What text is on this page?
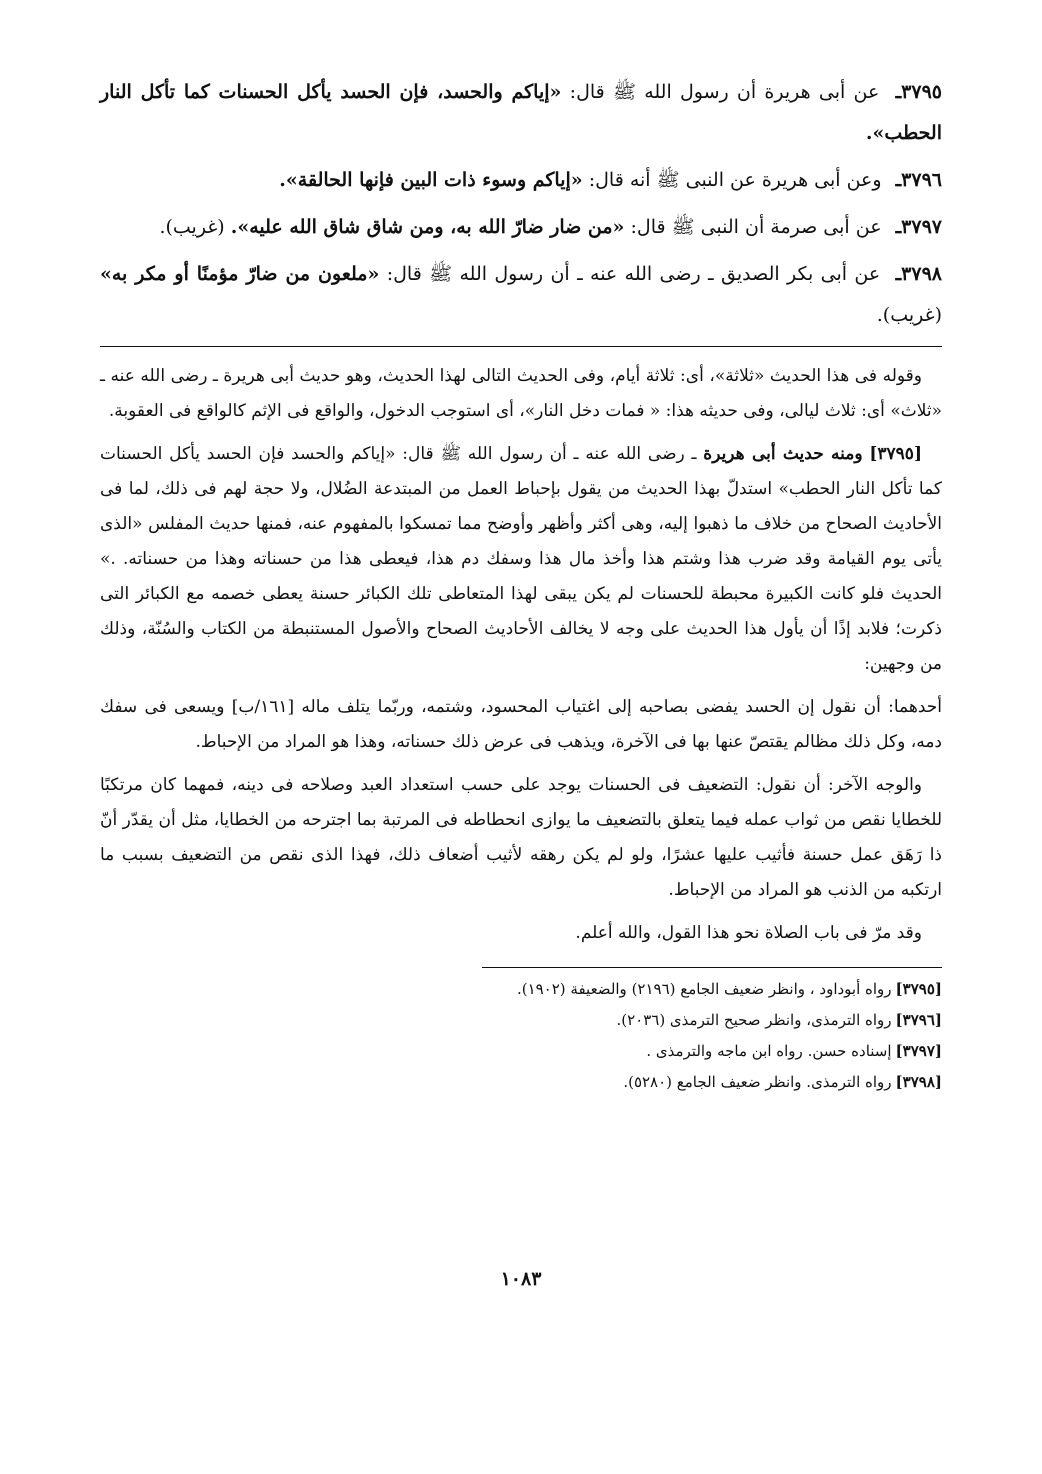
٣٧٩٥ـ عن أبى هريرة أن رسول الله ﷺ قال: «إياكم والحسد، فإن الحسد يأكل الحسنات كما تأكل النار الحطب».

٣٧٩٦ـ وعن أبى هريرة عن النبى ﷺ أنه قال: «إياكم وسوء ذات البين فإنها الحالقة».

٣٧٩٧ـ عن أبى صرمة أن النبى ﷺ قال: «من ضار ضارّ الله به، ومن شاق شاق الله عليه». (غريب).

٣٧٩٨ـ عن أبى بكر الصديق ـ رضى الله عنه ـ أن رسول الله ﷺ قال: «ملعون من ضارّ مؤمنًا أو مكر به» (غريب).

وقوله فى هذا الحديث «ثلاثة»، أى: ثلاثة أيام، وفى الحديث التالى لهذا الحديث، وهو حديث أبى هريرة ـ رضى الله عنه ـ «ثلاث» أى: ثلاث ليالى، وفى حديثه هذا: « فمات دخل النار»، أى استوجب الدخول، والواقع فى الإثم كالواقع فى العقوبة.

[٣٧٩٥] ومنه حديث أبى هريرة ـ رضى الله عنه ـ أن رسول الله ﷺ قال: «إياكم والحسد فإن الحسد يأكل الحسنات كما تأكل النار الحطب» استدلّ بهذا الحديث من يقول بإحباط العمل من المبتدعة الضُلال، ولا حجة لهم فى ذلك، لما فى الأحاديث الصحاح من خلاف ما ذهبوا إليه، وهى أكثر وأظهر وأوضح مما تمسكوا بالمفهوم عنه، فمنها حديث المفلس «الذى يأتى يوم القيامة وقد ضرب هذا وشتم هذا وأخذ مال هذا وسفك دم هذا، فيعطى هذا من حسناته وهذا من حسناته. .» الحديث فلو كانت الكبيرة محبطة للحسنات لم يكن يبقى لهذا المتعاطى تلك الكبائر حسنة يعطى خصمه مع الكبائر التى ذكرت؛ فلابد إذًا أن يأول هذا الحديث على وجه لا يخالف الأحاديث الصحاح والأصول المستنبطة من الكتاب والسُنّة، وذلك من وجهين:

أحدهما: أن نقول إن الحسد يفضى بصاحبه إلى اغتياب المحسود، وشتمه، وربّما يتلف ماله [١٦١/ب] ويسعى فى سفك دمه، وكل ذلك مظالم يقتصّ عنها بها فى الآخرة، ويذهب فى عرض ذلك حسناته، وهذا هو المراد من الإحباط.

والوجه الآخر: أن نقول: التضعيف فى الحسنات يوجد على حسب استعداد العبد وصلاحه فى دينه، فمهما كان مرتكبًا للخطايا نقص من ثواب عمله فيما يتعلق بالتضعيف ما يوازى انحطاطه فى المرتبة بما اجترحه من الخطايا، مثل أن يقدّر أنّ ذا رَهَق عمل حسنة فأثيب عليها عشرًا، ولو لم يكن رهقه لأثيب أضعاف ذلك، فهذا الذى نقص من التضعيف بسبب ما ارتكبه من الذنب هو المراد من الإحباط.

وقد مرّ فى باب الصلاة نحو هذا القول، والله أعلم.

[٣٧٩٥]رواه أبوداود ، وانظر ضعيف الجامع (٢١٩٦) والضعيفة (١٩٠٢).

[٣٧٩٦]رواه الترمذى، وانظر صحيح الترمذى (٢٠٣٦).

[٣٧٩٧]إسناده حسن. رواه ابن ماجه والترمذى .

[٣٧٩٨]رواه الترمذى. وانظر ضعيف الجامع (٥٢٨٠).

١٠٨٣
